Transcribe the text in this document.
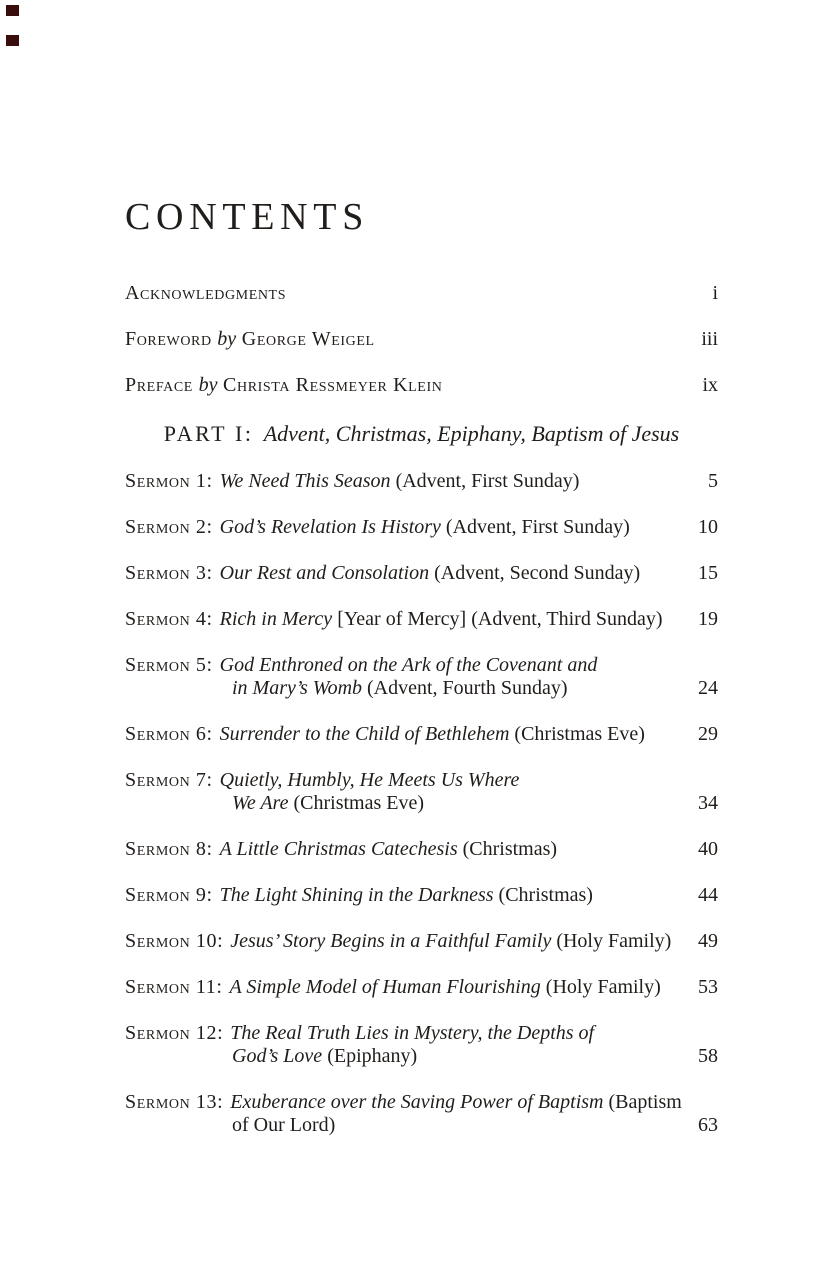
CONTENTS
Acknowledgments	i
Foreword by George Weigel	iii
Preface by Christa Ressmeyer Klein	ix
PART I: Advent, Christmas, Epiphany, Baptism of Jesus
Sermon 1: We Need This Season (Advent, First Sunday)	5
Sermon 2: God’s Revelation Is History (Advent, First Sunday)	10
Sermon 3: Our Rest and Consolation (Advent, Second Sunday)	15
Sermon 4: Rich in Mercy [Year of Mercy] (Advent, Third Sunday)	19
Sermon 5: God Enthroned on the Ark of the Covenant and
in Mary’s Womb (Advent, Fourth Sunday)	24
Sermon 6: Surrender to the Child of Bethlehem (Christmas Eve)	29
Sermon 7: Quietly, Humbly, He Meets Us Where
We Are (Christmas Eve)	34
Sermon 8: A Little Christmas Catechesis (Christmas)	40
Sermon 9: The Light Shining in the Darkness (Christmas)	44
Sermon 10: Jesus’ Story Begins in a Faithful Family (Holy Family)	49
Sermon 11: A Simple Model of Human Flourishing (Holy Family)	53
Sermon 12: The Real Truth Lies in Mystery, the Depths of
God’s Love (Epiphany)	58
Sermon 13: Exuberance over the Saving Power of Baptism (Baptism
of Our Lord)	63
